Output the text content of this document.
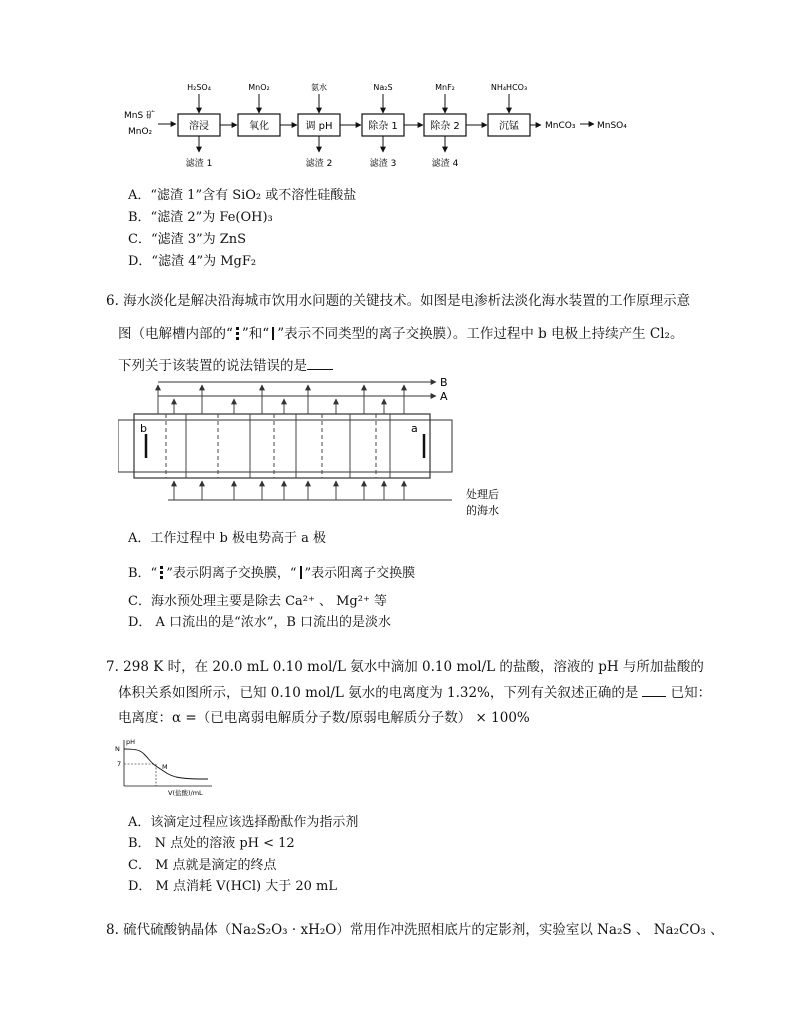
MnS 矿
MnO₂	溶浸
H₂SO₄
氧化
MnO₂
调 pH
氨水
除杂 1
Na₂S
除杂 2
MnF₂
沉锰
NH₄HCO₃
滤渣 1	滤渣 2	滤渣 3	滤渣 4
MnCO₃ MnSO₄
A．“滤渣 1”含有 SiO₂ 或不溶性硅酸盐
B．“滤渣 2”为 Fe(OH)₃
C．“滤渣 3”为 ZnS
D．“滤渣 4”为 MgF₂
6. 海水淡化是解决沿海城市饮用水问题的关键技术。如图是电渗析法淡化海水装置的工作原理示意
图（电解槽内部的“ ”和“ ”表示不同类型的离子交换膜）。工作过程中 b 电极上持续产生 Cl₂。
下列关于该装置的说法错误的是
b	a
B
A
处理后
的海水
A．工作过程中 b 极电势高于 a 极
B．“ ”表示阴离子交换膜，“ ”表示阳离子交换膜
C．海水预处理主要是除去 Ca²⁺ 、 Mg²⁺ 等
D． A 口流出的是“浓水”，B 口流出的是淡水
7. 298 K 时，在 20.0 mL 0.10 mol/L 氨水中滴加 0.10 mol/L 的盐酸，溶液的 pH 与所加盐酸的
体积关系如图所示，已知 0.10 mol/L 氨水的电离度为 1.32%，下列有关叙述正确的是 已知：
电离度：α =（已电离弱电解质分子数/原弱电解质分子数） × 100%
pH
N
7	M
V(盐酸)/mL
A．该滴定过程应该选择酚酞作为指示剂
B． N 点处的溶液 pH < 12
C． M 点就是滴定的终点
D． M 点消耗 V(HCl) 大于 20 mL
8. 硫代硫酸钠晶体（Na₂S₂O₃ · xH₂O）常用作冲洗照相底片的定影剂，实验室以 Na₂S 、 Na₂CO₃ 、
